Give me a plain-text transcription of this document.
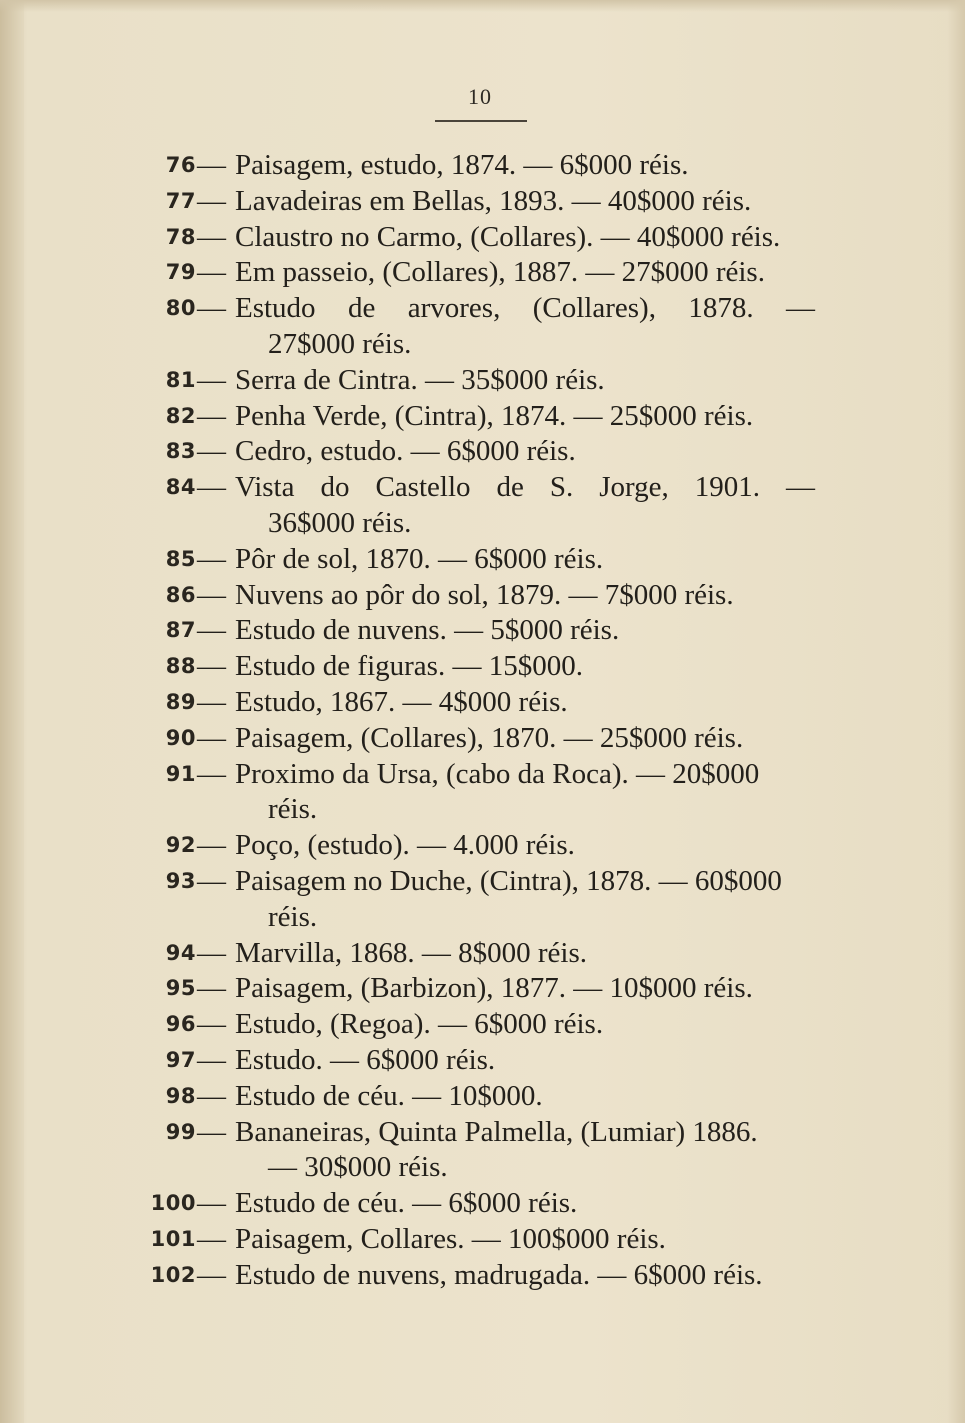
10
76 — Paisagem, estudo, 1874. — 6$000 réis.
77 — Lavadeiras em Bellas, 1893. — 40$000 réis.
78 — Claustro no Carmo, (Collares). — 40$000 réis.
79 — Em passeio, (Collares), 1887. — 27$000 réis.
80 — Estudo de arvores, (Collares), 1878. —
27$000 réis.
81 — Serra de Cintra. — 35$000 réis.
82 — Penha Verde, (Cintra), 1874. — 25$000 réis.
83 — Cedro, estudo. — 6$000 réis.
84 — Vista do Castello de S. Jorge, 1901. —
36$000 réis.
85 — Pôr de sol, 1870. — 6$000 réis.
86 — Nuvens ao pôr do sol, 1879. — 7$000 réis.
87 — Estudo de nuvens. — 5$000 réis.
88 — Estudo de figuras. — 15$000.
89 — Estudo, 1867. — 4$000 réis.
90 — Paisagem, (Collares), 1870. — 25$000 réis.
91 — Proximo da Ursa, (cabo da Roca). — 20$000
réis.
92 — Poço, (estudo). — 4.000 réis.
93 — Paisagem no Duche, (Cintra), 1878. — 60$000
réis.
94 — Marvilla, 1868. — 8$000 réis.
95 — Paisagem, (Barbizon), 1877. — 10$000 réis.
96 — Estudo, (Regoa). — 6$000 réis.
97 — Estudo. — 6$000 réis.
98 — Estudo de céu. — 10$000.
99 — Bananeiras, Quinta Palmella, (Lumiar) 1886.
— 30$000 réis.
100 — Estudo de céu. — 6$000 réis.
101 — Paisagem, Collares. — 100$000 réis.
102 — Estudo de nuvens, madrugada. — 6$000 réis.
